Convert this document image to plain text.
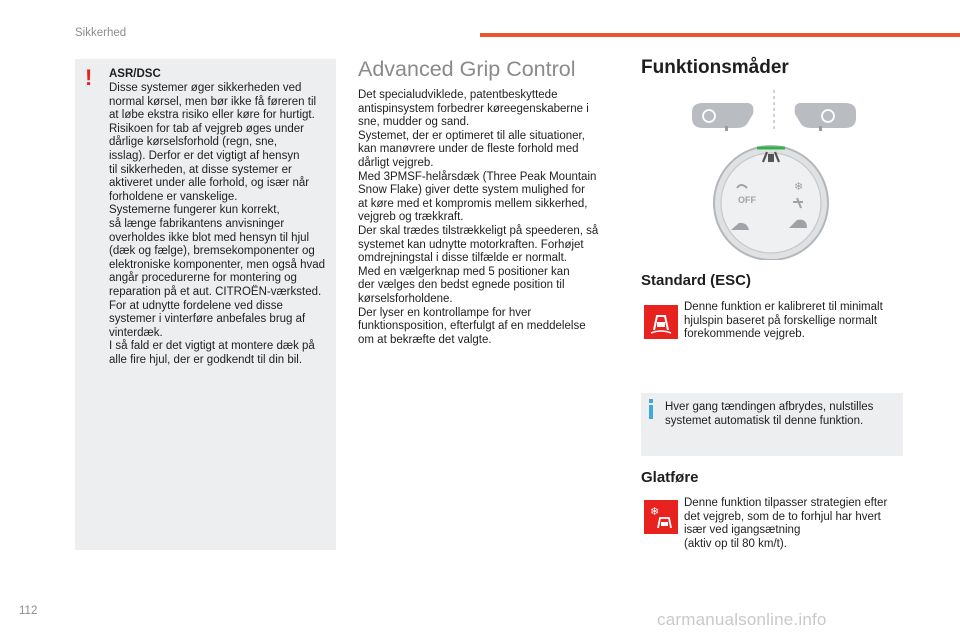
Sikkerhed
! ASR/DSC
Disse systemer øger sikkerheden ved
normal kørsel, men bør ikke få føreren til
at løbe ekstra risiko eller køre for hurtigt.
Risikoen for tab af vejgreb øges under
dårlige kørselsforhold (regn, sne,
isslag). Derfor er det vigtigt af hensyn
til sikkerheden, at disse systemer er
aktiveret under alle forhold, og især når
forholdene er vanskelige.
Systemerne fungerer kun korrekt,
så længe fabrikantens anvisninger
overholdes ikke blot med hensyn til hjul
(dæk og fælge), bremsekomponenter og
elektroniske komponenter, men også hvad
angår procedurerne for montering og
reparation på et aut. CITROËN-værksted.
For at udnytte fordelene ved disse
systemer i vinterføre anbefales brug af
vinterdæk.
I så fald er det vigtigt at montere dæk på
alle fire hjul, der er godkendt til din bil.
Advanced Grip Control
Det specialudviklede, patentbeskyttede
antispinsystem forbedrer køreegenskaberne i
sne, mudder og sand.
Systemet, der er optimeret til alle situationer,
kan manøvrere under de fleste forhold med
dårligt vejgreb.
Med 3PMSF-helårsdæk (Three Peak Mountain
Snow Flake) giver dette system mulighed for
at køre med et kompromis mellem sikkerhed,
vejgreb og trækkraft.
Der skal trædes tilstrækkeligt på speederen, så
systemet kan udnytte motorkraften. Forhøjet
omdrejningstal i disse tilfælde er normalt.
Med en vælgerknap med 5 positioner kan
der vælges den bedst egnede position til
kørselsforholdene.
Der lyser en kontrollampe for hver
funktionsposition, efterfulgt af en meddelelse
om at bekræfte det valgte.
Funktionsmåder
OFF
❄
Standard (ESC)
Denne funktion er kalibreret til minimalt
hjulspin baseret på forskellige normalt
forekommende vejgreb.
Hver gang tændingen afbrydes, nulstilles
systemet automatisk til denne funktion.
Glatføre
❄
Denne funktion tilpasser strategien efter
det vejgreb, som de to forhjul har hvert
især ved igangsætning
(aktiv op til 80 km/t).
112	carmanualsonline.info
